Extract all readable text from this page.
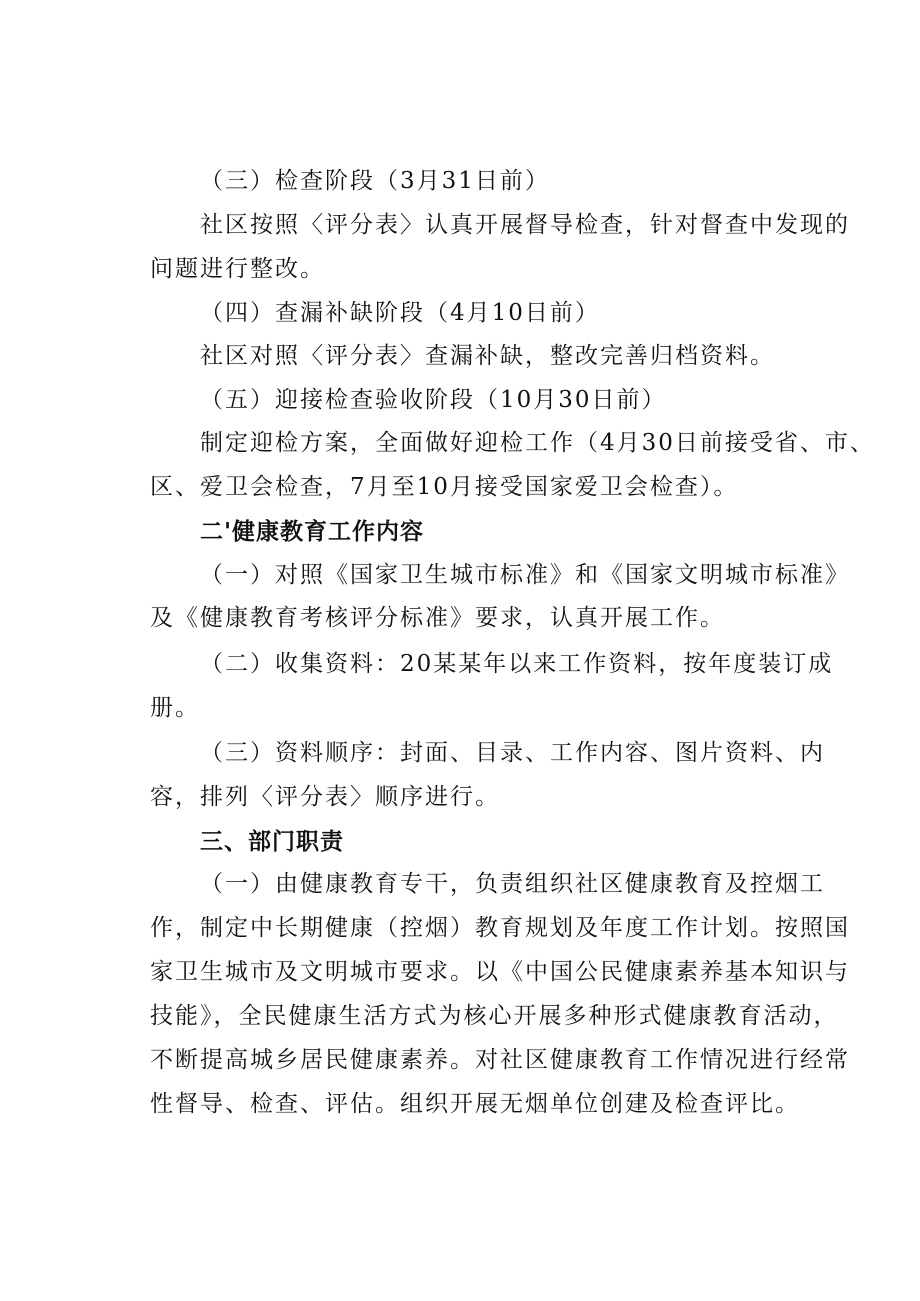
（三）检查阶段（3月31日前）
社区按照〈评分表〉认真开展督导检查，针对督查中发现的
问题进行整改。
（四）查漏补缺阶段（4月10日前）
社区对照〈评分表〉查漏补缺，整改完善归档资料。
（五）迎接检查验收阶段（10月30日前）
制定迎检方案，全面做好迎检工作（4月30日前接受省、市、
区、爱卫会检查，7月至10月接受国家爱卫会检查）。
二'健康教育工作内容
（一）对照《国家卫生城市标准》和《国家文明城市标准》
及《健康教育考核评分标准》要求，认真开展工作。
（二）收集资料：20某某年以来工作资料，按年度装订成
册。
（三）资料顺序：封面、目录、工作内容、图片资料、内
容，排列〈评分表〉顺序进行。
三、部门职责
（一）由健康教育专干，负责组织社区健康教育及控烟工
作，制定中长期健康（控烟）教育规划及年度工作计划。按照国
家卫生城市及文明城市要求。以《中国公民健康素养基本知识与
技能》，全民健康生活方式为核心开展多种形式健康教育活动，
不断提高城乡居民健康素养。对社区健康教育工作情况进行经常
性督导、检查、评估。组织开展无烟单位创建及检查评比。
